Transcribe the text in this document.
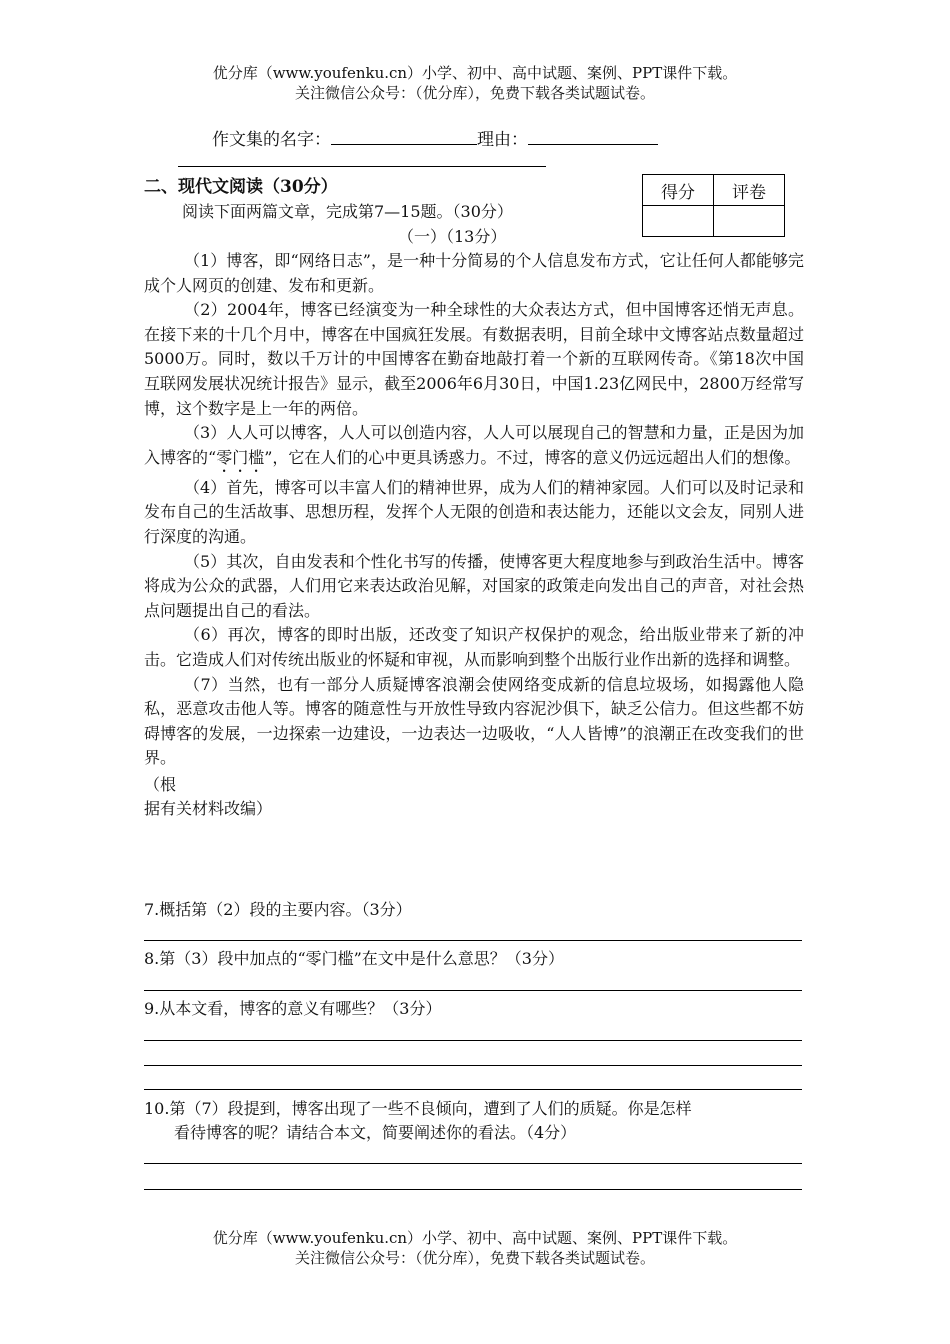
优分库（www.youfenku.cn）小学、初中、高中试题、案例、PPT课件下载。
关注微信公众号：（优分库），免费下载各类试题试卷。
作文集的名字：	理由：
二、现代文阅读（30分）
阅读下面两篇文章，完成第7—15题。（30分）
（一）（13分）
得分	评卷

（1）博客，即“网络日志”，是一种十分简易的个人信息发布方式，它让任何人都能够完成个人网页的创建、发布和更新。

（2）2004年，博客已经演变为一种全球性的大众表达方式，但中国博客还悄无声息。在接下来的十几个月中，博客在中国疯狂发展。有数据表明，目前全球中文博客站点数量超过5000万。同时，数以千万计的中国博客在勤奋地敲打着一个新的互联网传奇。《第18次中国互联网发展状况统计报告》显示，截至2006年6月30日，中国1.23亿网民中，2800万经常写博，这个数字是上一年的两倍。

（3）人人可以博客，人人可以创造内容，人人可以展现自己的智慧和力量，正是因为加入博客的“零门槛”，它在人们的心中更具诱惑力。不过，博客的意义仍远远超出人们的想像。

（4）首先，博客可以丰富人们的精神世界，成为人们的精神家园。人们可以及时记录和发布自己的生活故事、思想历程，发挥个人无限的创造和表达能力，还能以文会友，同别人进行深度的沟通。

（5）其次，自由发表和个性化书写的传播，使博客更大程度地参与到政治生活中。博客将成为公众的武器，人们用它来表达政治见解，对国家的政策走向发出自己的声音，对社会热点问题提出自己的看法。

（6）再次，博客的即时出版，还改变了知识产权保护的观念，给出版业带来了新的冲击。它造成人们对传统出版业的怀疑和审视，从而影响到整个出版行业作出新的选择和调整。

（7）当然，也有一部分人质疑博客浪潮会使网络变成新的信息垃圾场，如揭露他人隐私，恶意攻击他人等。博客的随意性与开放性导致内容泥沙俱下，缺乏公信力。但这些都不妨碍博客的发展，一边探索一边建设，一边表达一边吸收，“人人皆博”的浪潮正在改变我们的世界。

（根

据有关材料改编）
7.概括第（2）段的主要内容。（3分）
8.第（3）段中加点的“零门槛”在文中是什么意思？（3分）
9.从本文看，博客的意义有哪些？（3分）
10.第（7）段提到，博客出现了一些不良倾向，遭到了人们的质疑。你是怎样
看待博客的呢？请结合本文，简要阐述你的看法。（4分）
优分库（www.youfenku.cn）小学、初中、高中试题、案例、PPT课件下载。
关注微信公众号：（优分库），免费下载各类试题试卷。
